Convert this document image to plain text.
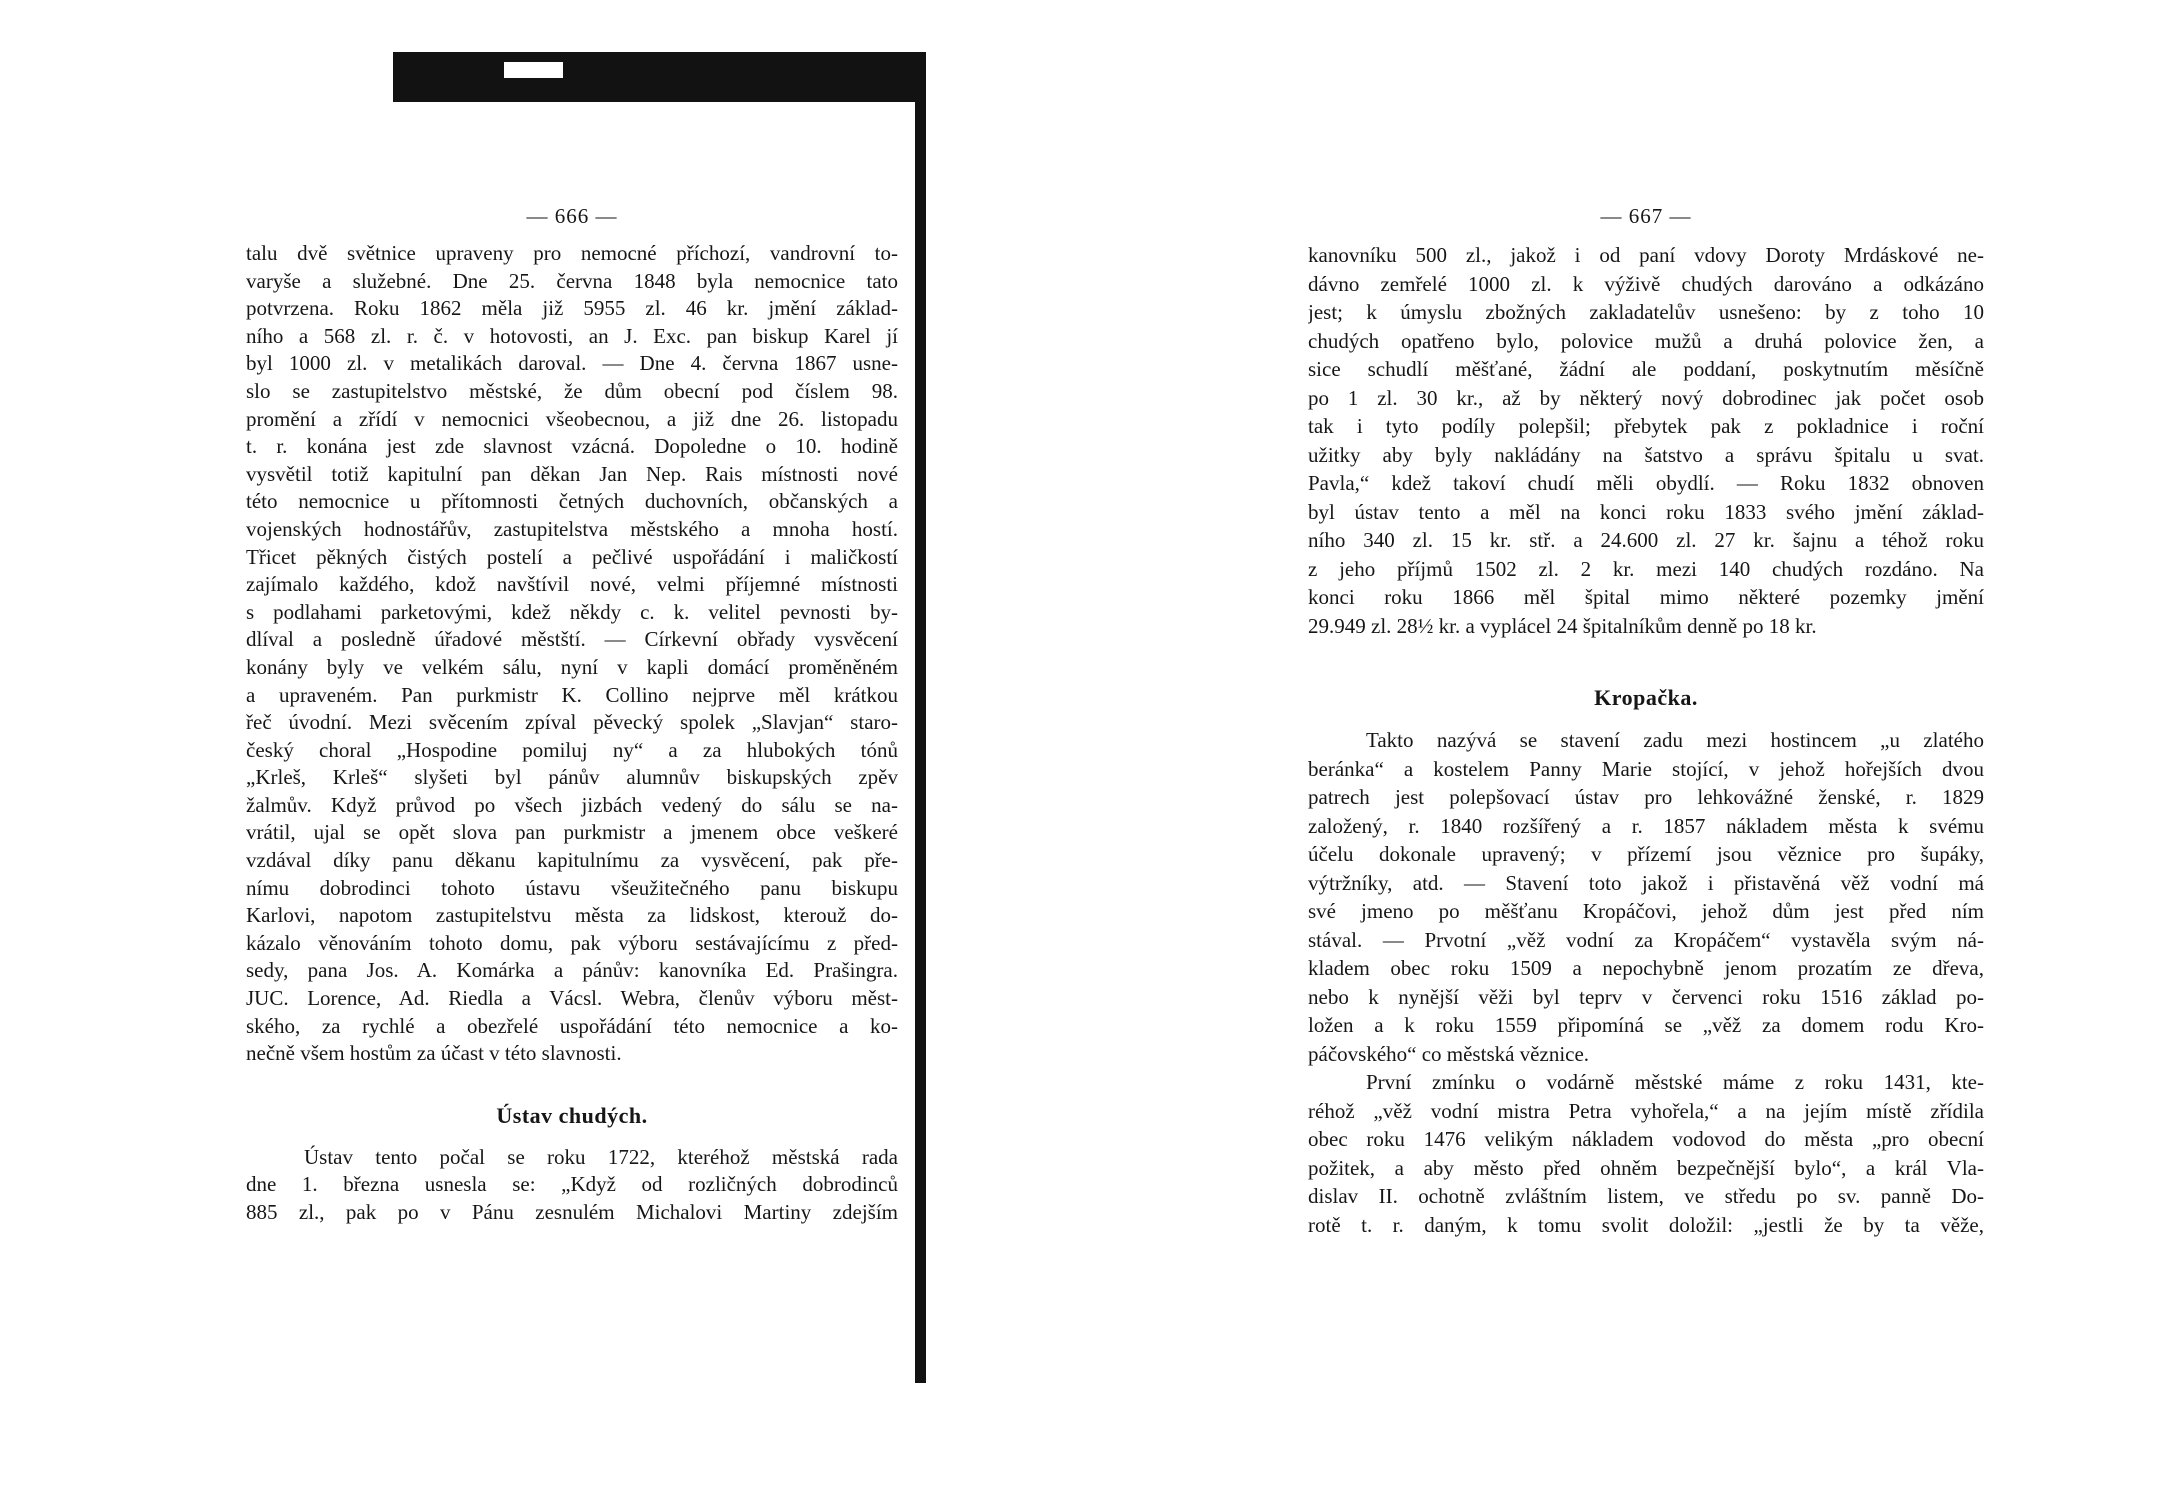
— 666 —
talu dvě světnice upraveny pro nemocné příchozí, vandrovní to-
varyše a služebné. Dne 25. června 1848 byla nemocnice tato
potvrzena. Roku 1862 měla již 5955 zl. 46 kr. jmění základ-
ního a 568 zl. r. č. v hotovosti, an J. Exc. pan biskup Karel jí
byl 1000 zl. v metalikách daroval. — Dne 4. června 1867 usne-
slo se zastupitelstvo městské, že dům obecní pod číslem 98.
promění a zřídí v nemocnici všeobecnou, a již dne 26. listopadu
t. r. konána jest zde slavnost vzácná. Dopoledne o 10. hodině
vysvětil totiž kapitulní pan děkan Jan Nep. Rais místnosti nové
této nemocnice u přítomnosti četných duchovních, občanských a
vojenských hodnostářův, zastupitelstva městského a mnoha hostí.
Třicet pěkných čistých postelí a pečlivé uspořádání i maličkostí
zajímalo každého, kdož navštívil nové, velmi příjemné místnosti
s podlahami parketovými, kdež někdy c. k. velitel pevnosti by-
dlíval a posledně úřadové městští. — Církevní obřady vysvěcení
konány byly ve velkém sálu, nyní v kapli domácí proměněném
a upraveném. Pan purkmistr K. Collino nejprve měl krátkou
řeč úvodní. Mezi svěcením zpíval pěvecký spolek „Slavjan“ staro-
český choral „Hospodine pomiluj ny“ a za hlubokých tónů
„Krleš, Krleš“ slyšeti byl pánův alumnův biskupských zpěv
žalmův. Když průvod po všech jizbách vedený do sálu se na-
vrátil, ujal se opět slova pan purkmistr a jmenem obce veškeré
vzdával díky panu děkanu kapitulnímu za vysvěcení, pak pře-
nímu dobrodinci tohoto ústavu všeužitečného panu biskupu
Karlovi, napotom zastupitelstvu města za lidskost, kterouž do-
kázalo věnováním tohoto domu, pak výboru sestávajícímu z před-
sedy, pana Jos. A. Komárka a pánův: kanovníka Ed. Prašingra.
JUC. Lorence, Ad. Riedla a Vácsl. Webra, členův výboru měst-
ského, za rychlé a obezřelé uspořádání této nemocnice a ko-
nečně všem hostům za účast v této slavnosti.
Ústav chudých.
Ústav tento počal se roku 1722, kteréhož městská rada
dne 1. března usnesla se: „Když od rozličných dobrodinců
885 zl., pak po v Pánu zesnulém Michalovi Martiny zdejším
— 667 —
kanovníku 500 zl., jakož i od paní vdovy Doroty Mrdáskové ne-
dávno zemřelé 1000 zl. k výživě chudých darováno a odkázáno
jest; k úmyslu zbožných zakladatelův usnešeno: by z toho 10
chudých opatřeno bylo, polovice mužů a druhá polovice žen, a
sice schudlí měšťané, žádní ale poddaní, poskytnutím měsíčně
po 1 zl. 30 kr., až by některý nový dobrodinec jak počet osob
tak i tyto podíly polepšil; přebytek pak z pokladnice i roční
užitky aby byly nakládány na šatstvo a správu špitalu u svat.
Pavla,“ kdež takoví chudí měli obydlí. — Roku 1832 obnoven
byl ústav tento a měl na konci roku 1833 svého jmění základ-
ního 340 zl. 15 kr. stř. a 24.600 zl. 27 kr. šajnu a téhož roku
z jeho příjmů 1502 zl. 2 kr. mezi 140 chudých rozdáno. Na
konci roku 1866 měl špital mimo některé pozemky jmění
29.949 zl. 28½ kr. a vyplácel 24 špitalníkům denně po 18 kr.
Kropačka.
Takto nazývá se stavení zadu mezi hostincem „u zlatého
beránka“ a kostelem Panny Marie stojící, v jehož hořejších dvou
patrech jest polepšovací ústav pro lehkovážné ženské, r. 1829
založený, r. 1840 rozšířený a r. 1857 nákladem města k svému
účelu dokonale upravený; v přízemí jsou věznice pro šupáky,
výtržníky, atd. — Stavení toto jakož i přistavěná věž vodní má
své jmeno po měšťanu Kropáčovi, jehož dům jest před ním
stával. — Prvotní „věž vodní za Kropáčem“ vystavěla svým ná-
kladem obec roku 1509 a nepochybně jenom prozatím ze dřeva,
nebo k nynější věži byl teprv v červenci roku 1516 základ po-
ložen a k roku 1559 připomíná se „věž za domem rodu Kro-
páčovského“ co městská věznice.
První zmínku o vodárně městské máme z roku 1431, kte-
réhož „věž vodní mistra Petra vyhořela,“ a na jejím místě zřídila
obec roku 1476 velikým nákladem vodovod do města „pro obecní
požitek, a aby město před ohněm bezpečnější bylo“, a král Vla-
dislav II. ochotně zvláštním listem, ve středu po sv. panně Do-
rotě t. r. daným, k tomu svolit doložil: „jestli že by ta věže,
